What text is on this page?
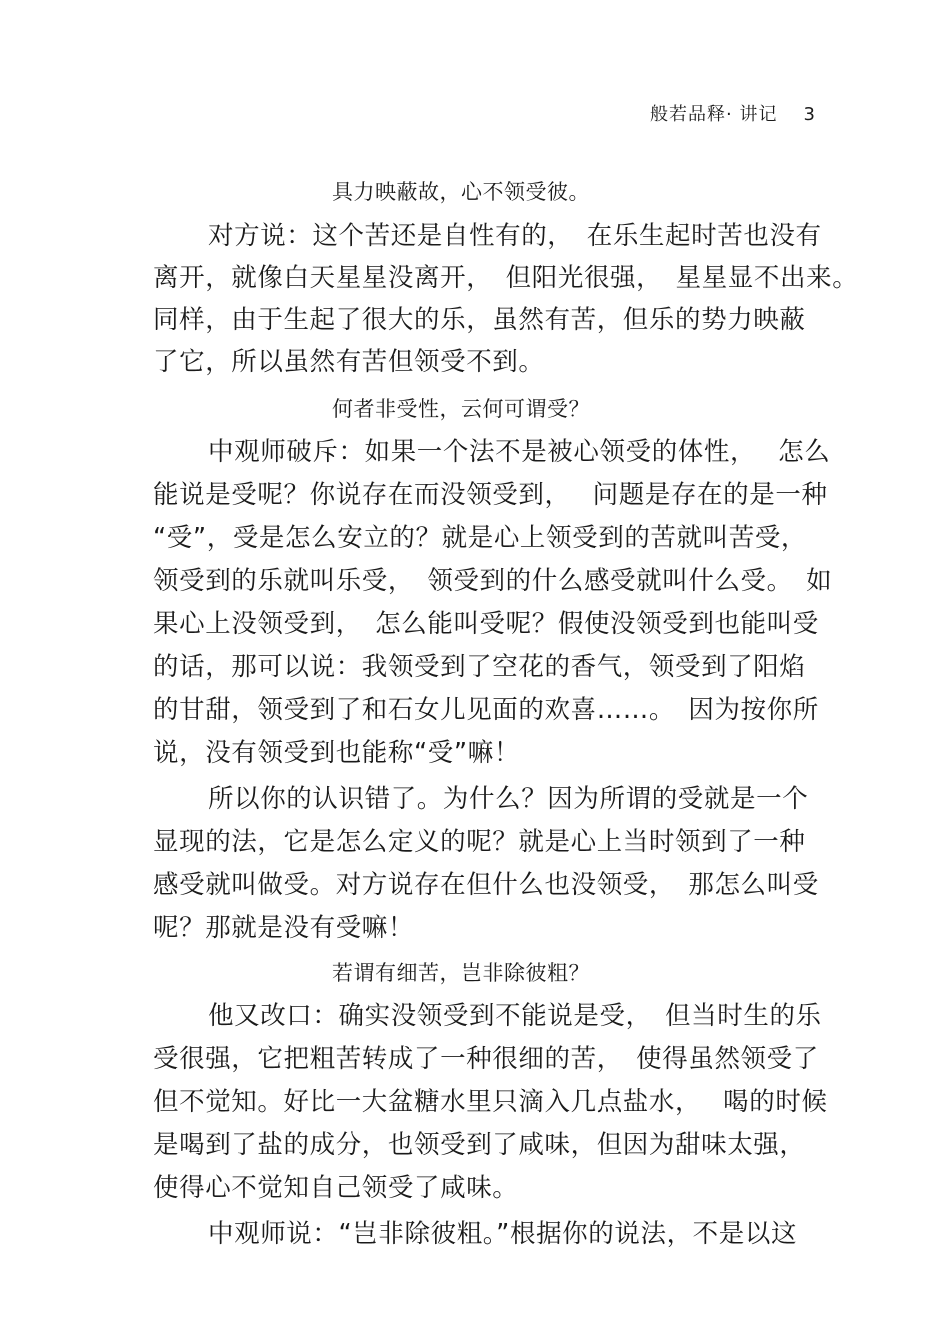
般若品释· 讲记 3
具力映蔽故，心不领受彼。
对方说：这个苦还是自性有的，　在乐生起时苦也没有
离开，就像白天星星没离开，　但阳光很强，　星星显不出来。
同样，由于生起了很大的乐，虽然有苦，但乐的势力映蔽
了它，所以虽然有苦但领受不到。
何者非受性，云何可谓受？
中观师破斥：如果一个法不是被心领受的体性，　 怎么
能说是受呢？你说存在而没领受到，　 问题是存在的是一种
“受”，受是怎么安立的？就是心上领受到的苦就叫苦受，
领受到的乐就叫乐受，　领受到的什么感受就叫什么受。　如
果心上没领受到，　怎么能叫受呢？假使没领受到也能叫受
的话，那可以说：我领受到了空花的香气，领受到了阳焰
的甘甜，领受到了和石女儿见面的欢喜……。　因为按你所
说，没有领受到也能称“受”嘛！
所以你的认识错了。为什么？因为所谓的受就是一个
显现的法，它是怎么定义的呢？就是心上当时领到了一种
感受就叫做受。对方说存在但什么也没领受，　那怎么叫受
呢？那就是没有受嘛！
若谓有细苦，岂非除彼粗？
他又改口：确实没领受到不能说是受，　但当时生的乐
受很强，它把粗苦转成了一种很细的苦，　使得虽然领受了
但不觉知。好比一大盆糖水里只滴入几点盐水，　 喝的时候
是喝到了盐的成分，也领受到了咸味，但因为甜味太强，
使得心不觉知自己领受了咸味。
中观师说：“岂非除彼粗。”根据你的说法，不是以这
